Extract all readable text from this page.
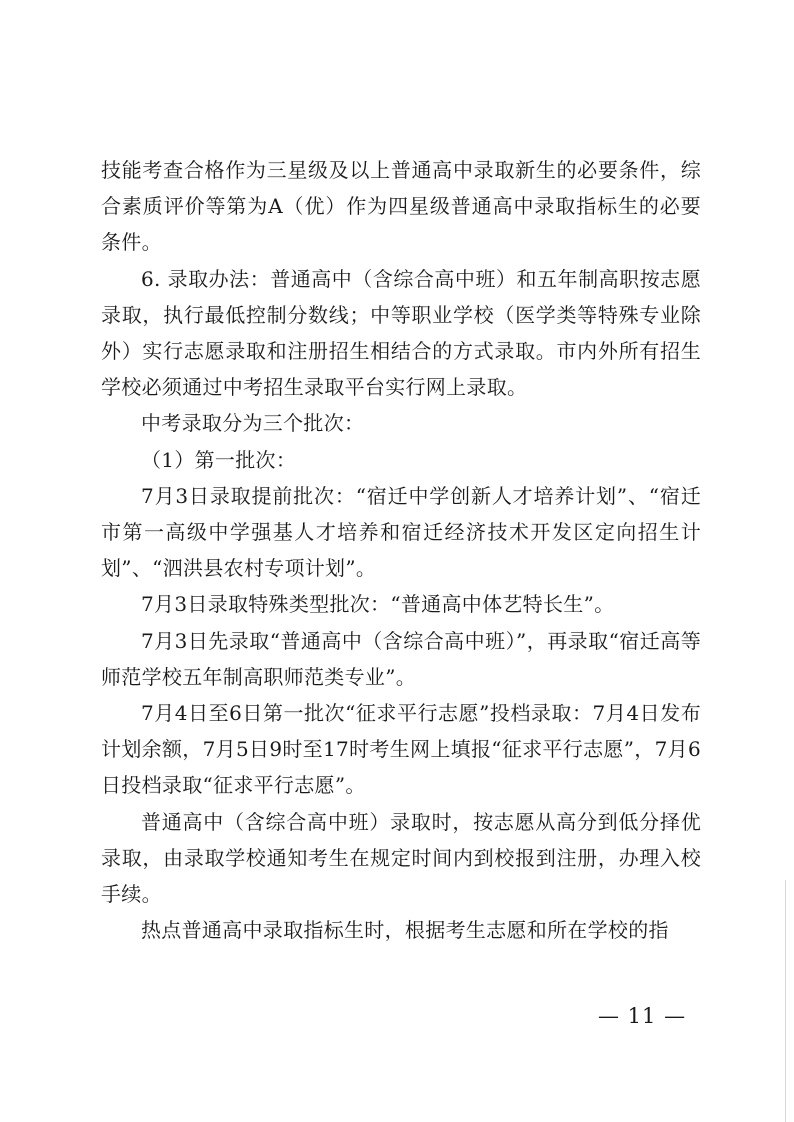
技能考查合格作为三星级及以上普通高中录取新生的必要条件，综合素质评价等第为A（优）作为四星级普通高中录取指标生的必要条件。

6. 录取办法：普通高中（含综合高中班）和五年制高职按志愿录取，执行最低控制分数线；中等职业学校（医学类等特殊专业除外）实行志愿录取和注册招生相结合的方式录取。市内外所有招生学校必须通过中考招生录取平台实行网上录取。

中考录取分为三个批次：

（1）第一批次：

7月3日录取提前批次：“宿迁中学创新人才培养计划”、“宿迁市第一高级中学强基人才培养和宿迁经济技术开发区定向招生计划”、“泗洪县农村专项计划”。

7月3日录取特殊类型批次：“普通高中体艺特长生”。

7月3日先录取“普通高中（含综合高中班）”，再录取“宿迁高等师范学校五年制高职师范类专业”。

7月4日至6日第一批次“征求平行志愿”投档录取：7月4日发布计划余额，7月5日9时至17时考生网上填报“征求平行志愿”，7月6日投档录取“征求平行志愿”。

普通高中（含综合高中班）录取时，按志愿从高分到低分择优录取，由录取学校通知考生在规定时间内到校报到注册，办理入校手续。

热点普通高中录取指标生时，根据考生志愿和所在学校的指

— 11 —
